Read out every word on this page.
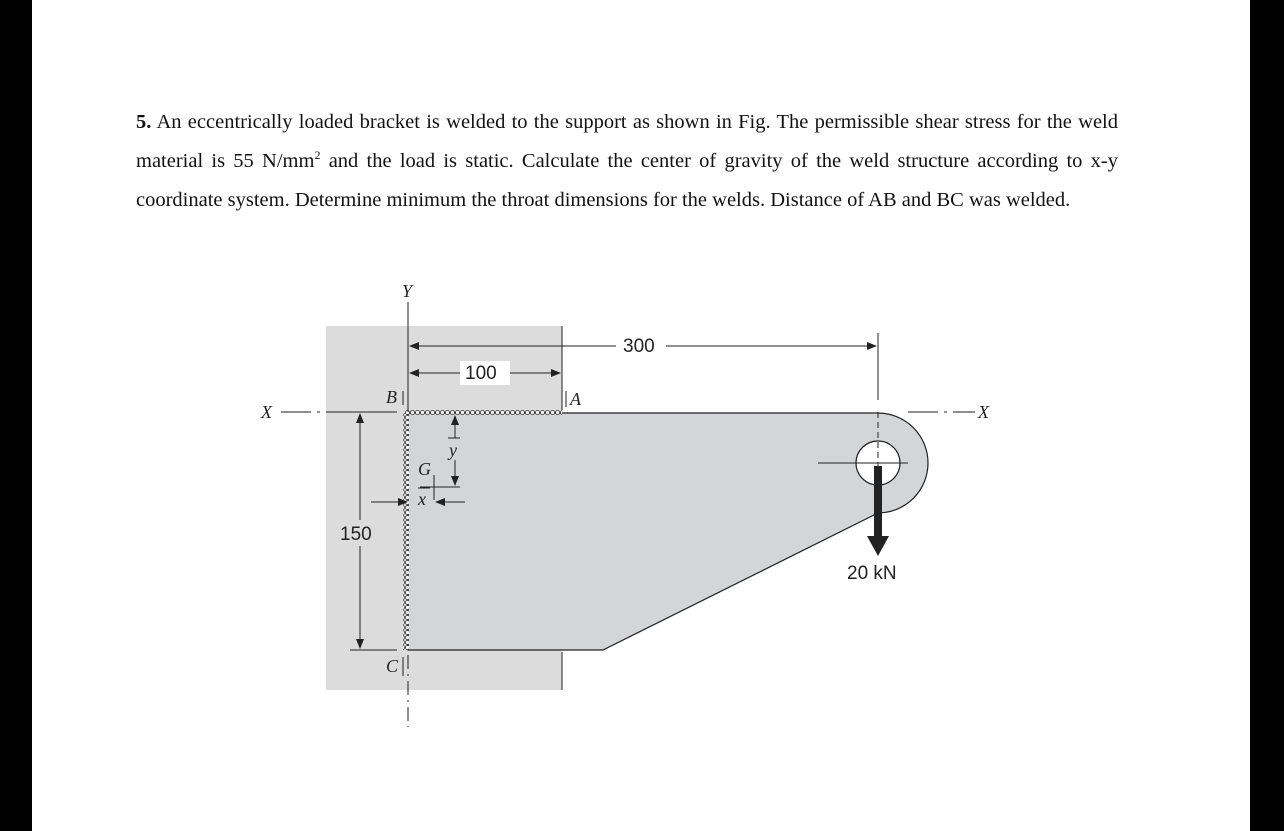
5. An eccentrically loaded bracket is welded to the support as shown in Fig. The permissible shear stress for the weld material is 55 $N/mm^2$ and the load is static. Calculate the center of gravity of the weld structure according to x-y coordinate system. Determine minimum the throat dimensions for the welds. Distance of AB and BC was welded.

Y
X	X
300
100
150
B	A
C
G
y
x
20 kN
